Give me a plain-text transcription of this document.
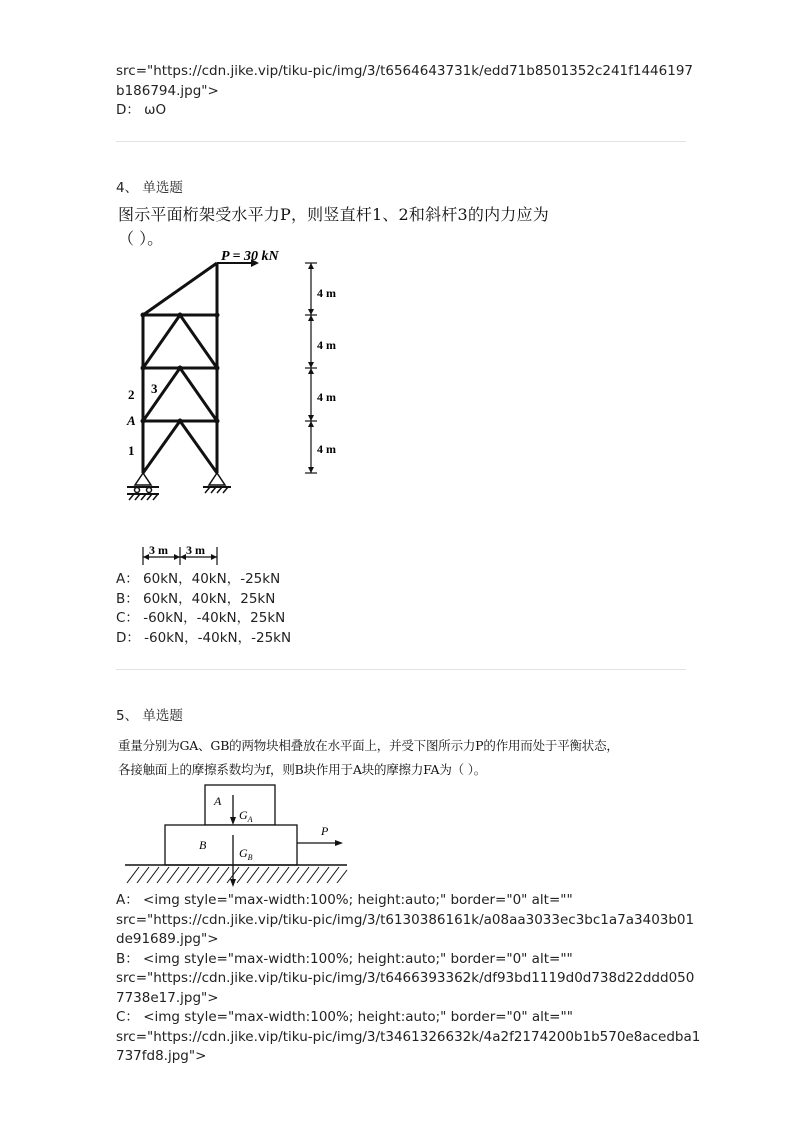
src="https://cdn.jike.vip/tiku-pic/img/3/t6564643731k/edd71b8501352c241f1446197
b186794.jpg">
D： ωO
4、 单选题
图示平面桁架受水平力P，则竖直杆1、2和斜杆3的内力应为
（ ）。
P = 30 kN
2 3
A
1
4 m
4 m
4 m
4 m
3 m 3 m
A： 60kN，40kN，-25kN
B： 60kN，40kN，25kN
C： -60kN，-40kN，25kN
D： -60kN，-40kN，-25kN
5、 单选题
重量分别为GA、GB的两物块相叠放在水平面上，并受下图所示力P的作用而处于平衡状态，
各接触面上的摩擦系数均为f，则B块作用于A块的摩擦力FA为（ ）。
A
B
$G_A$
$G_B$
P
A： <img style="max-width:100%; height:auto;" border="0" alt=""
src="https://cdn.jike.vip/tiku-pic/img/3/t6130386161k/a08aa3033ec3bc1a7a3403b01
de91689.jpg">
B： <img style="max-width:100%; height:auto;" border="0" alt=""
src="https://cdn.jike.vip/tiku-pic/img/3/t6466393362k/df93bd1119d0d738d22ddd050
7738e17.jpg">
C： <img style="max-width:100%; height:auto;" border="0" alt=""
src="https://cdn.jike.vip/tiku-pic/img/3/t3461326632k/4a2f2174200b1b570e8acedba1
737fd8.jpg">
